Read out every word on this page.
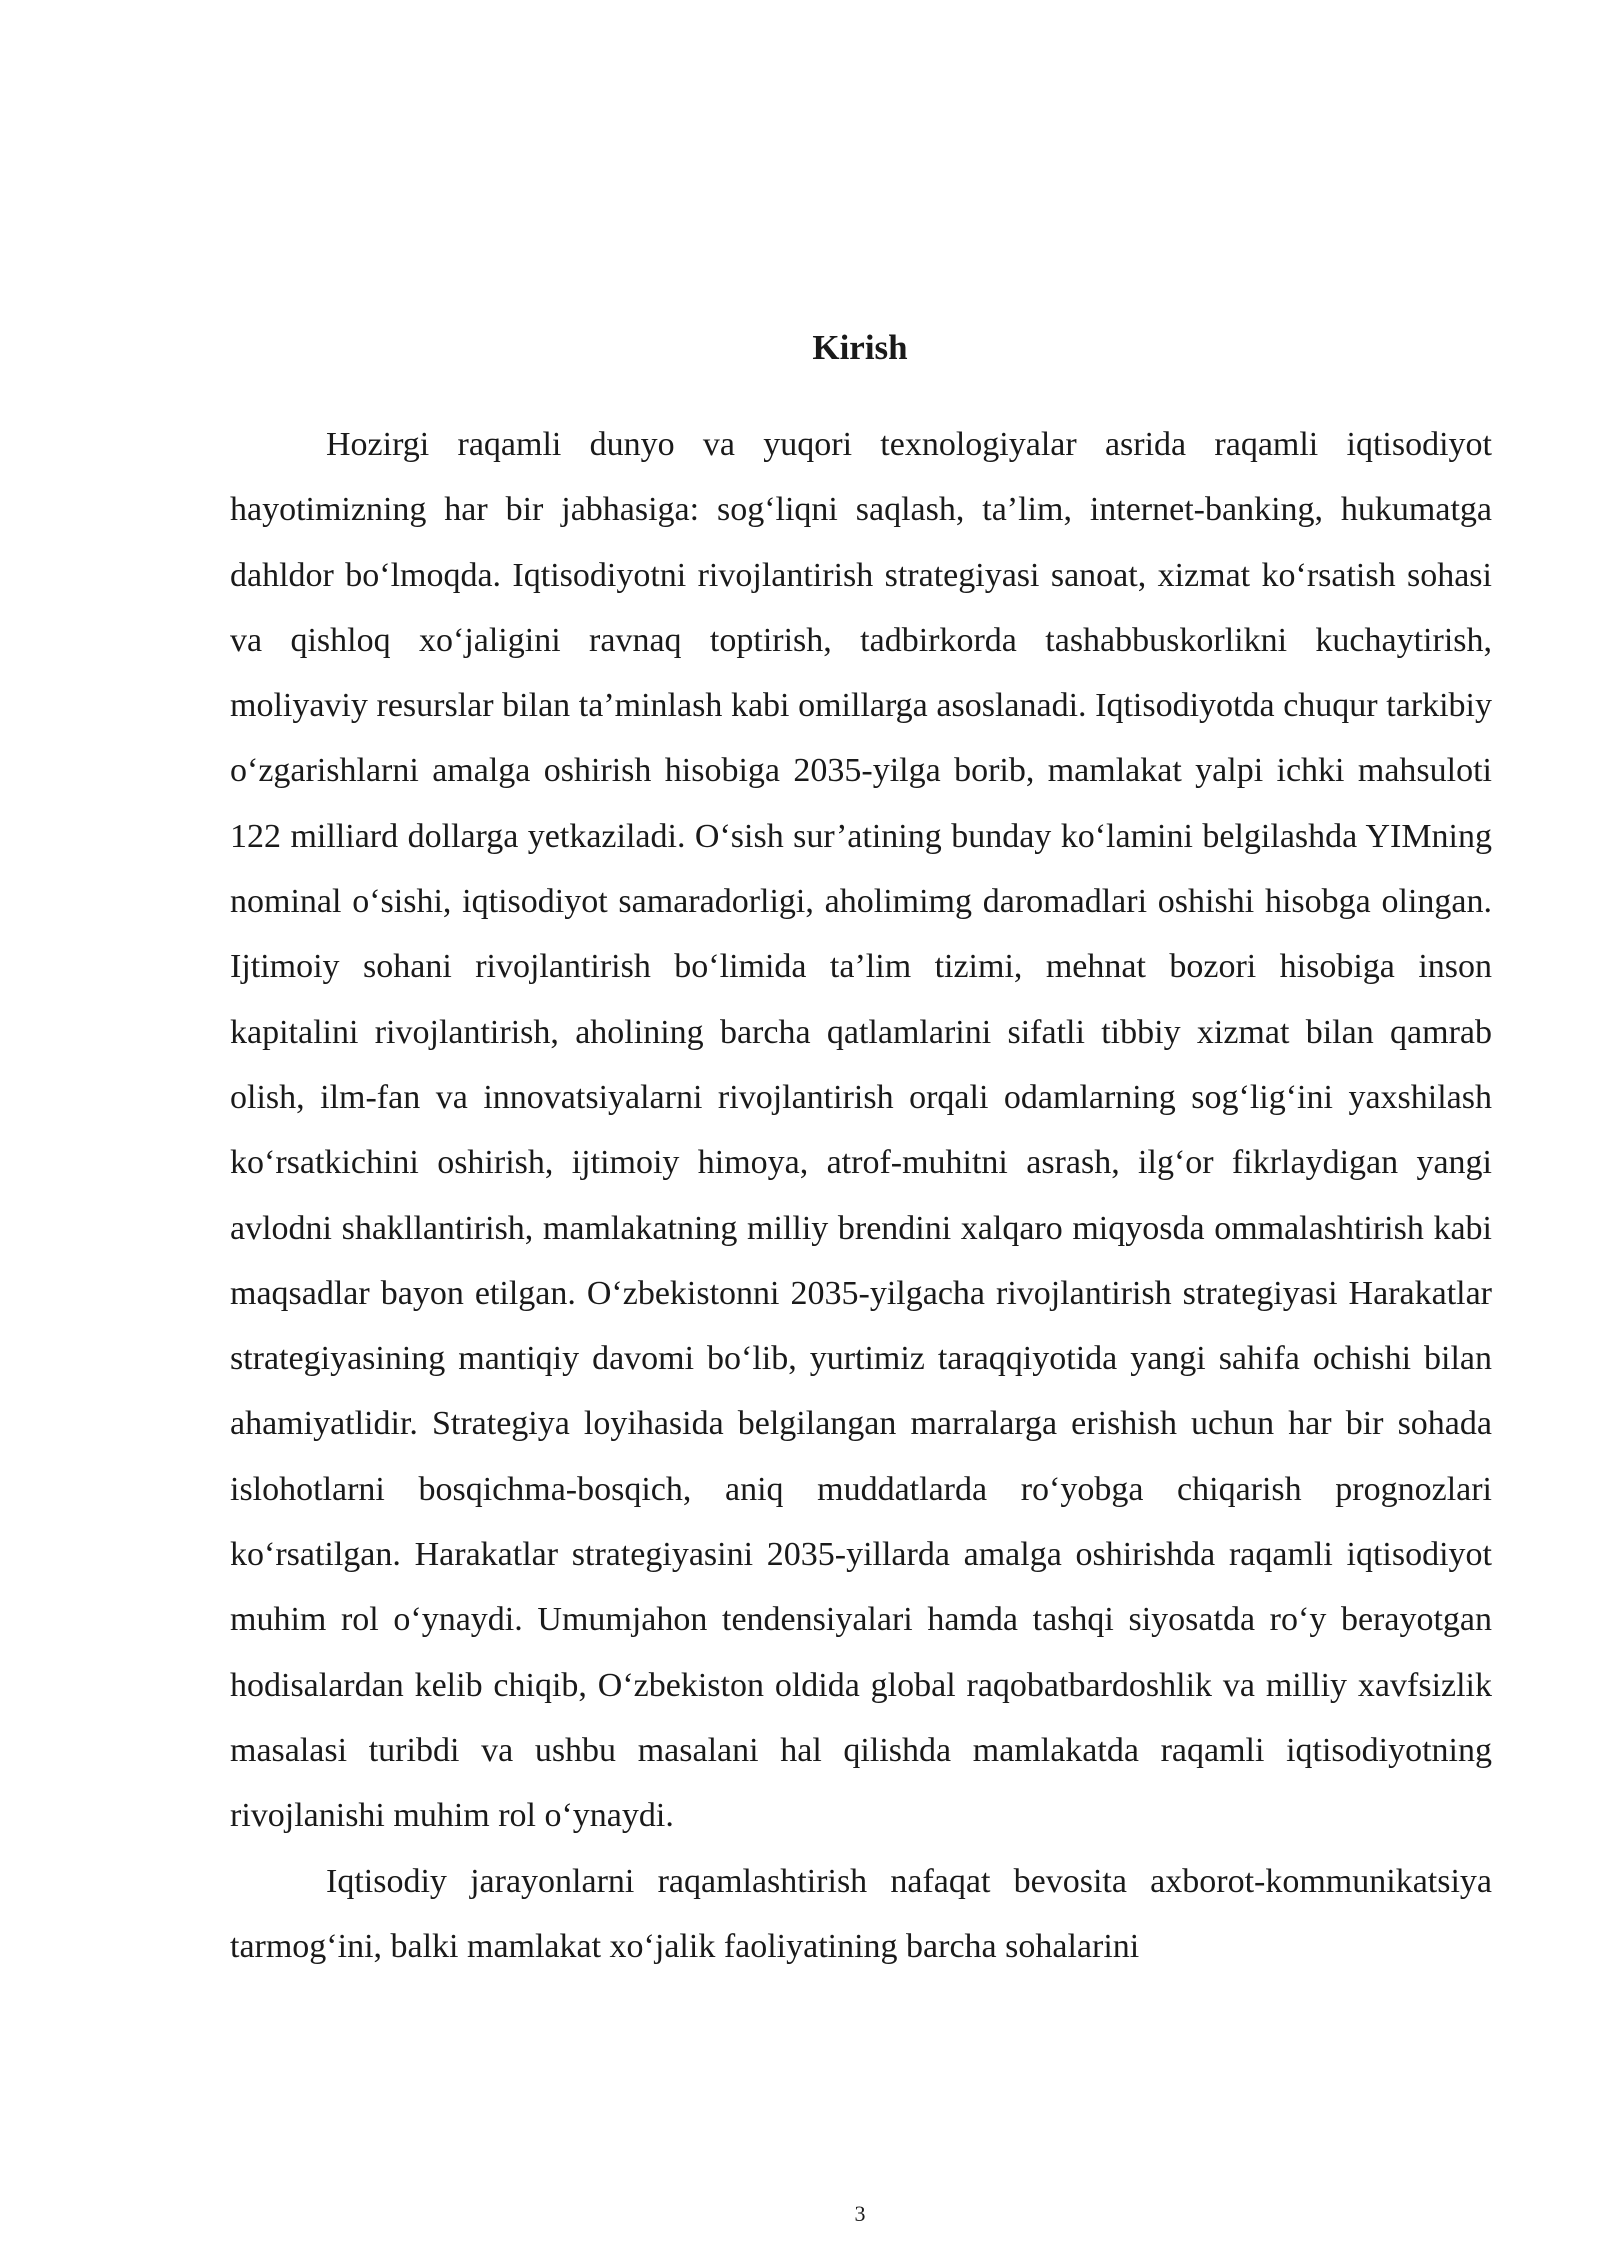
Kirish

Hozirgi raqamli dunyo va yuqori texnologiyalar asrida raqamli iqtisodiyot hayotimizning har bir jabhasiga: sog‘liqni saqlash, ta’lim, internet-banking, hukumatga dahldor bo‘lmoqda. Iqtisodiyotni rivojlantirish strategiyasi sanoat, xizmat ko‘rsatish sohasi va qishloq xo‘jaligini ravnaq toptirish, tadbirkorda tashabbuskorlikni kuchaytirish, moliyaviy resurslar bilan ta’minlash kabi omillarga asoslanadi. Iqtisodiyotda chuqur tarkibiy o‘zgarishlarni amalga oshirish hisobiga 2035-yilga borib, mamlakat yalpi ichki mahsuloti 122 milliard dollarga yetkaziladi. O‘sish sur’atining bunday ko‘lamini belgilashda YIMning nominal o‘sishi, iqtisodiyot samaradorligi, aholimimg daromadlari oshishi hisobga olingan. Ijtimoiy sohani rivojlantirish bo‘limida ta’lim tizimi, mehnat bozori hisobiga inson kapitalini rivojlantirish, aholining barcha qatlamlarini sifatli tibbiy xizmat bilan qamrab olish, ilm-fan va innovatsiyalarni rivojlantirish orqali odamlarning sog‘lig‘ini yaxshilash ko‘rsatkichini oshirish, ijtimoiy himoya, atrof-muhitni asrash, ilg‘or fikrlaydigan yangi avlodni shakllantirish, mamlakatning milliy brendini xalqaro miqyosda ommalashtirish kabi maqsadlar bayon etilgan. O‘zbekistonni 2035-yilgacha rivojlantirish strategiyasi Harakatlar strategiyasining mantiqiy davomi bo‘lib, yurtimiz taraqqiyotida yangi sahifa ochishi bilan ahamiyatlidir. Strategiya loyihasida belgilangan marralarga erishish uchun har bir sohada islohotlarni bosqichma-bosqich, aniq muddatlarda ro‘yobga chiqarish prognozlari ko‘rsatilgan. Harakatlar strategiyasini 2035-yillarda amalga oshirishda raqamli iqtisodiyot muhim rol o‘ynaydi. Umumjahon tendensiyalari hamda tashqi siyosatda ro‘y berayotgan hodisalardan kelib chiqib, O‘zbekiston oldida global raqobatbardoshlik va milliy xavfsizlik masalasi turibdi va ushbu masalani hal qilishda mamlakatda raqamli iqtisodiyotning rivojlanishi muhim rol o‘ynaydi.

Iqtisodiy jarayonlarni raqamlashtirish nafaqat bevosita axborot-kommunikatsiya tarmog‘ini, balki mamlakat xo‘jalik faoliyatining barcha sohalarini

3
